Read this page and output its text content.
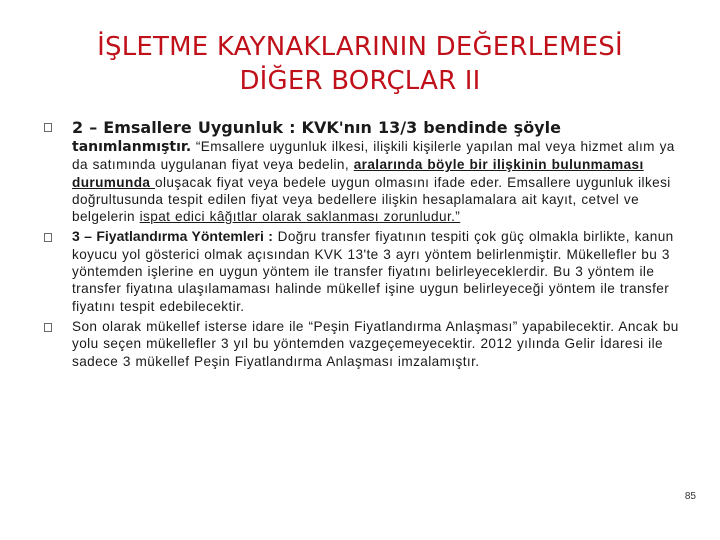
İŞLETME KAYNAKLARININ DEĞERLEMESİ
DİĞER BORÇLAR II
2 – Emsallere Uygunluk : KVK'nın 13/3 bendinde şöyle
tanımlanmıştır. “Emsallere uygunluk ilkesi, ilişkili kişilerle yapılan mal veya hizmet alım ya da satımında uygulanan fiyat veya bedelin, aralarında böyle bir ilişkinin bulunmaması durumunda oluşacak fiyat veya bedele uygun olmasını ifade eder. Emsallere uygunluk ilkesi doğrultusunda tespit edilen fiyat veya bedellere ilişkin hesaplamalara ait kayıt, cetvel ve belgelerin ispat edici kâğıtlar olarak saklanması zorunludur.”
3 – Fiyatlandırma Yöntemleri : Doğru transfer fiyatının tespiti çok güç olmakla birlikte, kanun koyucu yol gösterici olmak açısından KVK 13'te 3 ayrı yöntem belirlenmiştir. Mükellefler bu 3 yöntemden işlerine en uygun yöntem ile transfer fiyatını belirleyeceklerdir. Bu 3 yöntem ile transfer fiyatına ulaşılamaması halinde mükellef işine uygun belirleyeceği yöntem ile transfer fiyatını tespit edebilecektir.
Son olarak mükellef isterse idare ile “Peşin Fiyatlandırma Anlaşması” yapabilecektir. Ancak bu yolu seçen mükellefler 3 yıl bu yöntemden vazgeçemeyecektir. 2012 yılında Gelir İdaresi ile sadece 3 mükellef Peşin Fiyatlandırma Anlaşması imzalamıştır.
85
